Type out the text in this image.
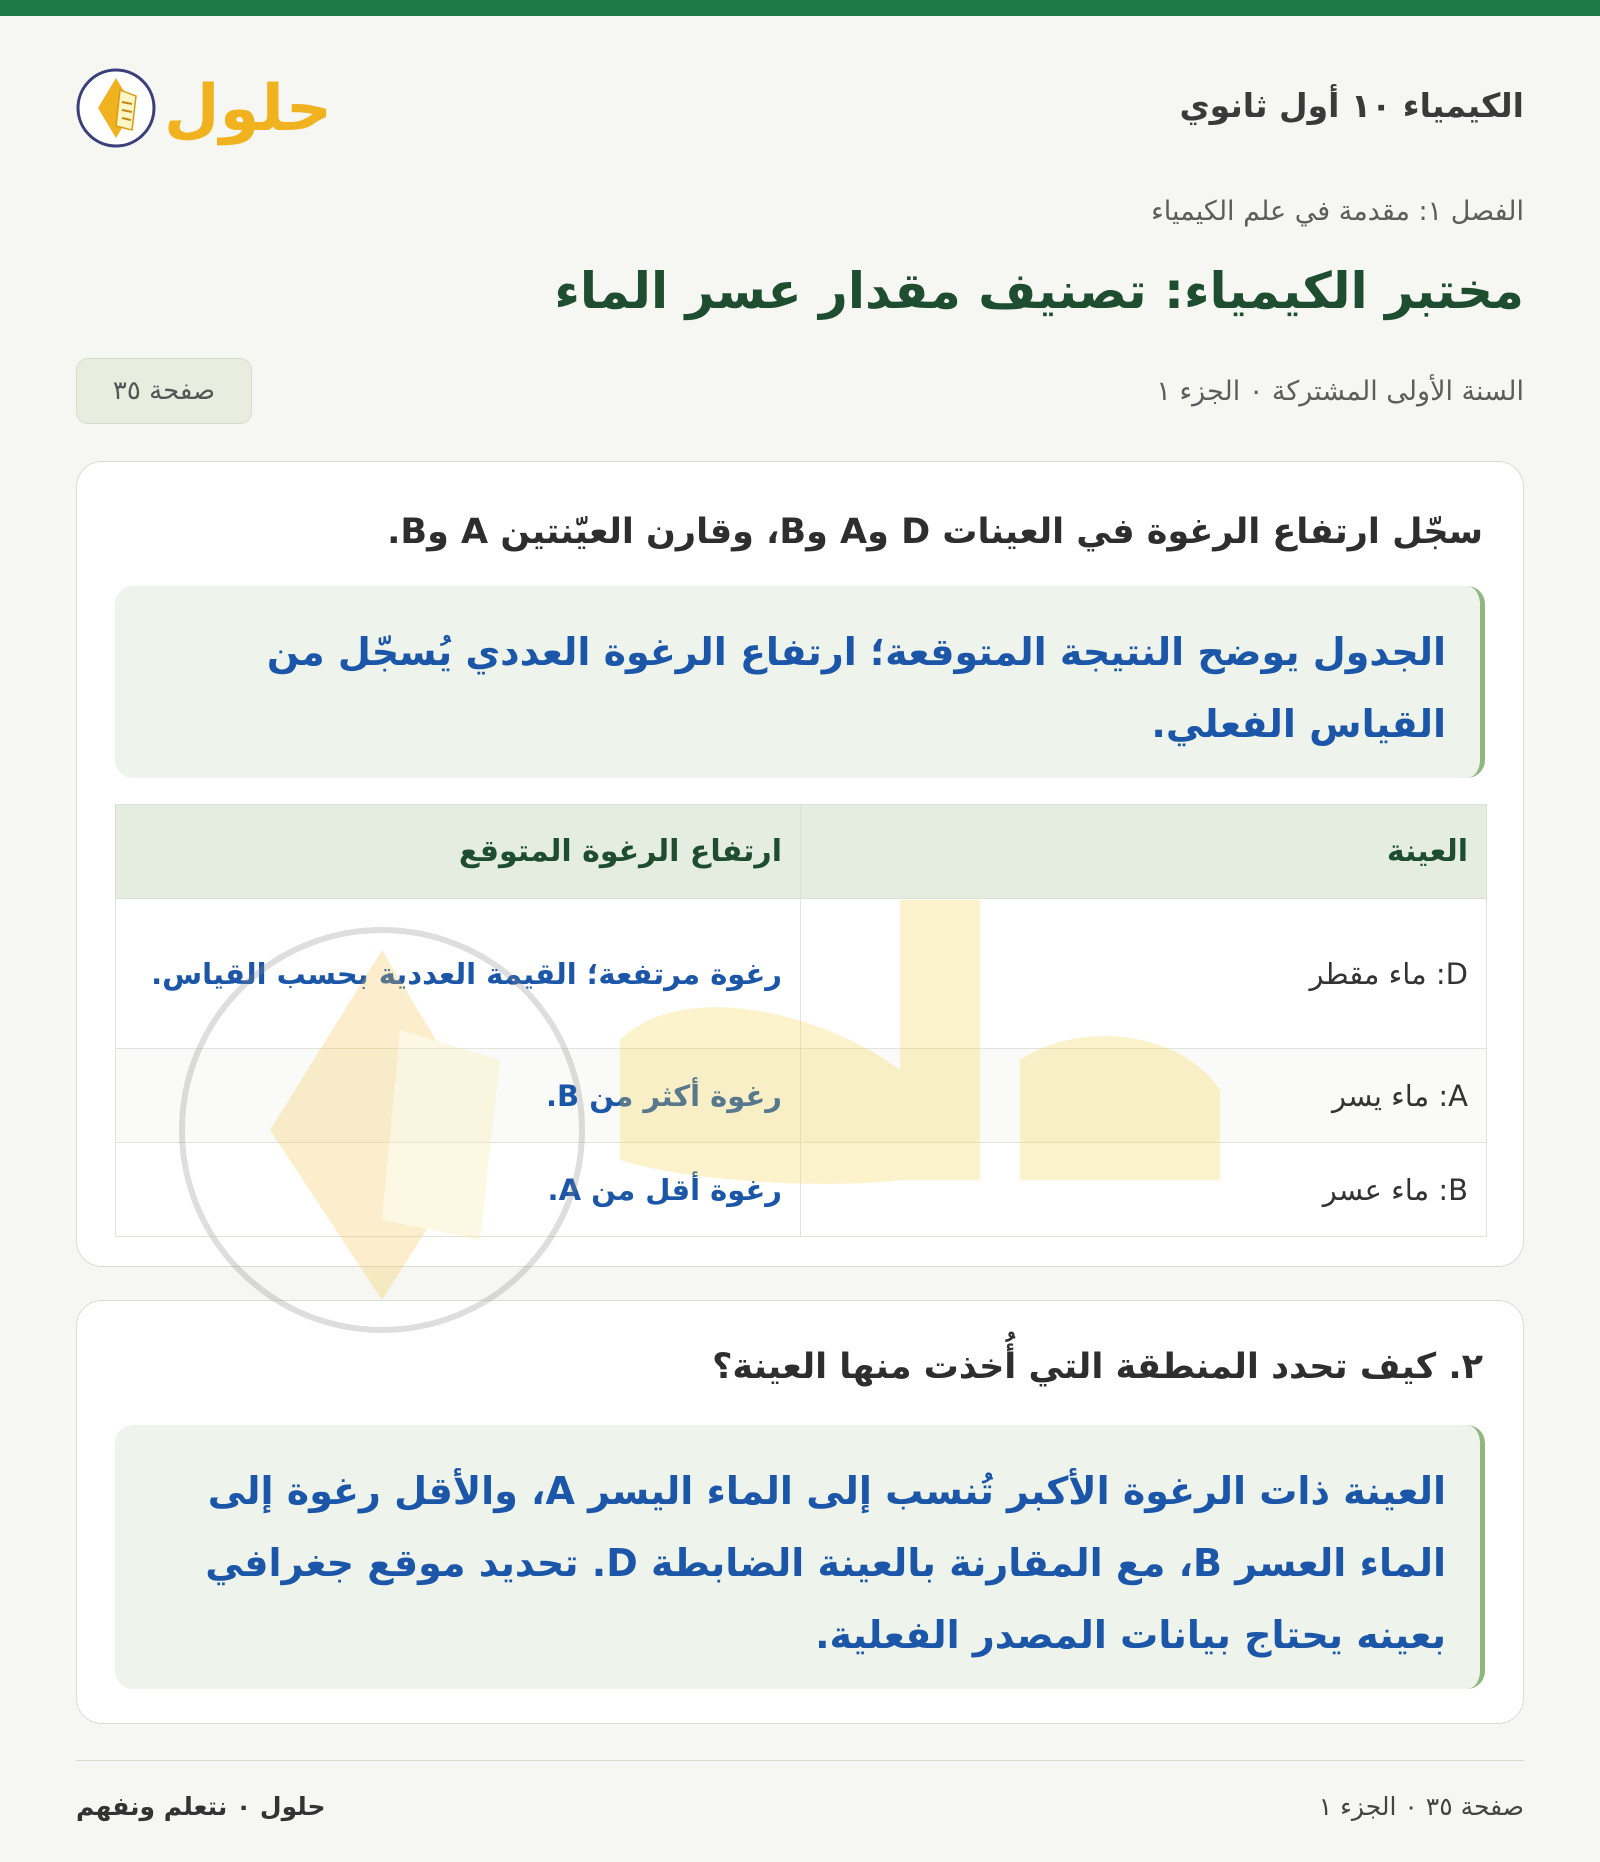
الكيمياء ١٠ أول ثانوي
حلول
الفصل ١: مقدمة في علم الكيمياء
مختبر الكيمياء: تصنيف مقدار عسر الماء
السنة الأولى المشتركة ٠ الجزء ١
صفحة ٣٥
سجّل ارتفاع الرغوة في العينات D وA وB، وقارن العيّنتين A وB.
الجدول يوضح النتيجة المتوقعة؛ ارتفاع الرغوة العددي يُسجّل من القياس الفعلي.
العينة	ارتفاع الرغوة المتوقع
D: ماء مقطر	رغوة مرتفعة؛ القيمة العددية بحسب القياس.
A: ماء يسر	رغوة أكثر من B.
B: ماء عسر	رغوة أقل من A.
٢. كيف تحدد المنطقة التي أُخذت منها العينة؟
العينة ذات الرغوة الأكبر تُنسب إلى الماء اليسر A، والأقل رغوة إلى الماء العسر B، مع المقارنة بالعينة الضابطة D. تحديد موقع جغرافي بعينه يحتاج بيانات المصدر الفعلية.
صفحة ٣٥ ٠ الجزء ١
حلول ٠ نتعلم ونفهم
